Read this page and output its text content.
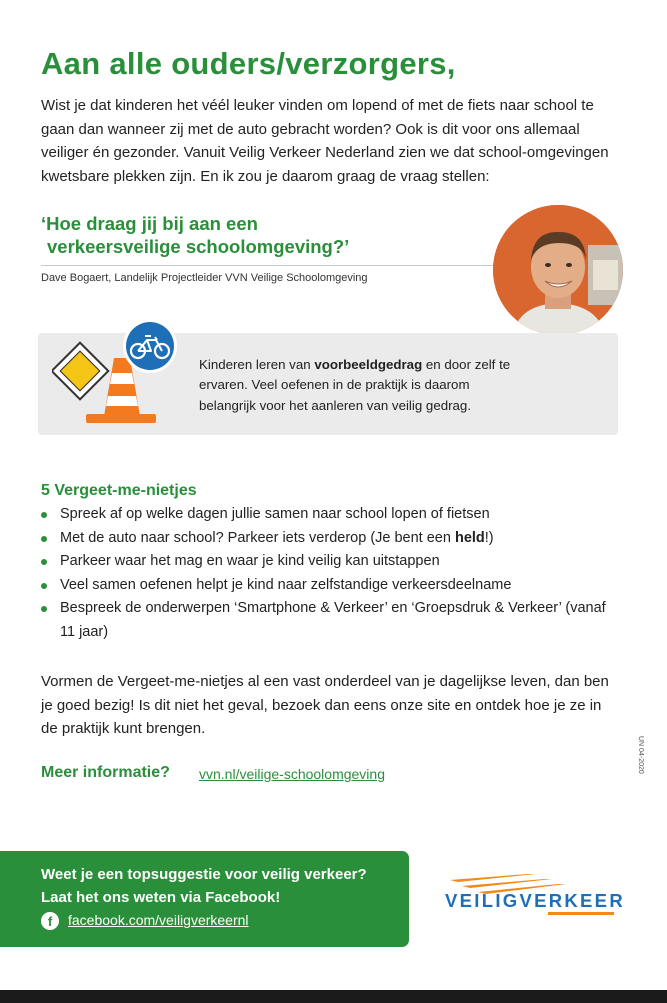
Aan alle ouders/verzorgers,
Wist je dat kinderen het véél leuker vinden om lopend of met de fiets naar school te gaan dan wanneer zij met de auto gebracht worden? Ook is dit voor ons allemaal veiliger én gezonder. Vanuit Veilig Verkeer Nederland zien we dat school-omgevingen kwetsbare plekken zijn. En ik zou je daarom graag de vraag stellen:
‘Hoe draag jij bij aan een
verkeersveilige schoolomgeving?’
Dave Bogaert, Landelijk Projectleider VVN Veilige Schoolomgeving
Kinderen leren van voorbeeldgedrag en door zelf te ervaren. Veel oefenen in de praktijk is daarom belangrijk voor het aanleren van veilig gedrag.
5 Vergeet-me-nietjes
Spreek af op welke dagen jullie samen naar school lopen of fietsen
Met de auto naar school? Parkeer iets verderop (Je bent een held!)
Parkeer waar het mag en waar je kind veilig kan uitstappen
Veel samen oefenen helpt je kind naar zelfstandige verkeersdeelname
Bespreek de onderwerpen ‘Smartphone & Verkeer’ en ‘Groepsdruk & Verkeer’ (vanaf 11 jaar)
Vormen de Vergeet-me-nietjes al een vast onderdeel van je dagelijkse leven, dan ben je goed bezig! Is dit niet het geval, bezoek dan eens onze site en ontdek hoe je ze in de praktijk kunt brengen.
Meer informatie? vvn.nl/veilige-schoolomgeving
UN 04-2020
Weet je een topsuggestie voor veilig verkeer? Laat het ons weten via Facebook!
f	facebook.com/veiligverkeernl
VEILIGVERKEER
